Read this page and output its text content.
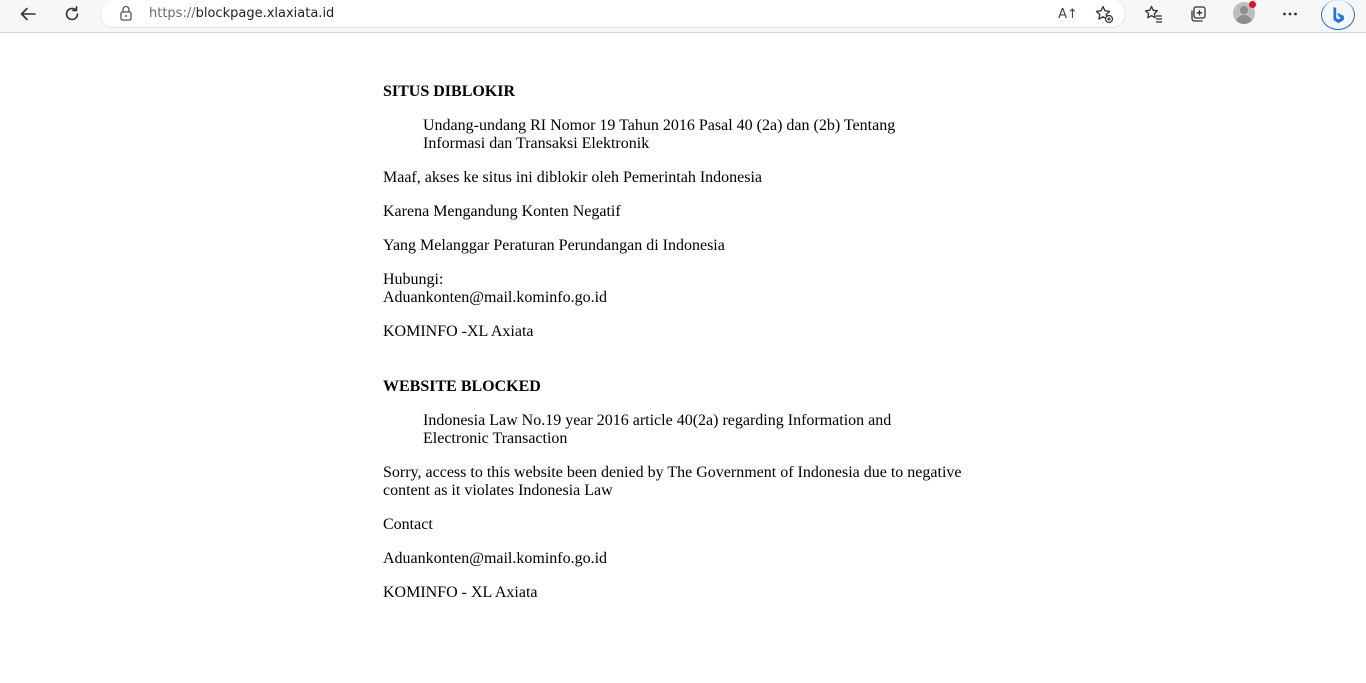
https://blockpage.xlaxiata.id	A↑
SITUS DIBLOKIR
Undang-undang RI Nomor 19 Tahun 2016 Pasal 40 (2a) dan (2b) Tentang Informasi dan Transaksi Elektronik

Maaf, akses ke situs ini diblokir oleh Pemerintah Indonesia

Karena Mengandung Konten Negatif

Yang Melanggar Peraturan Perundangan di Indonesia

Hubungi:
Aduankonten@mail.kominfo.go.id

KOMINFO -XL Axiata

WEBSITE BLOCKED
Indonesia Law No.19 year 2016 article 40(2a) regarding Information and Electronic Transaction

Sorry, access to this website been denied by The Government of Indonesia due to negative content as it violates Indonesia Law

Contact

Aduankonten@mail.kominfo.go.id

KOMINFO - XL Axiata
